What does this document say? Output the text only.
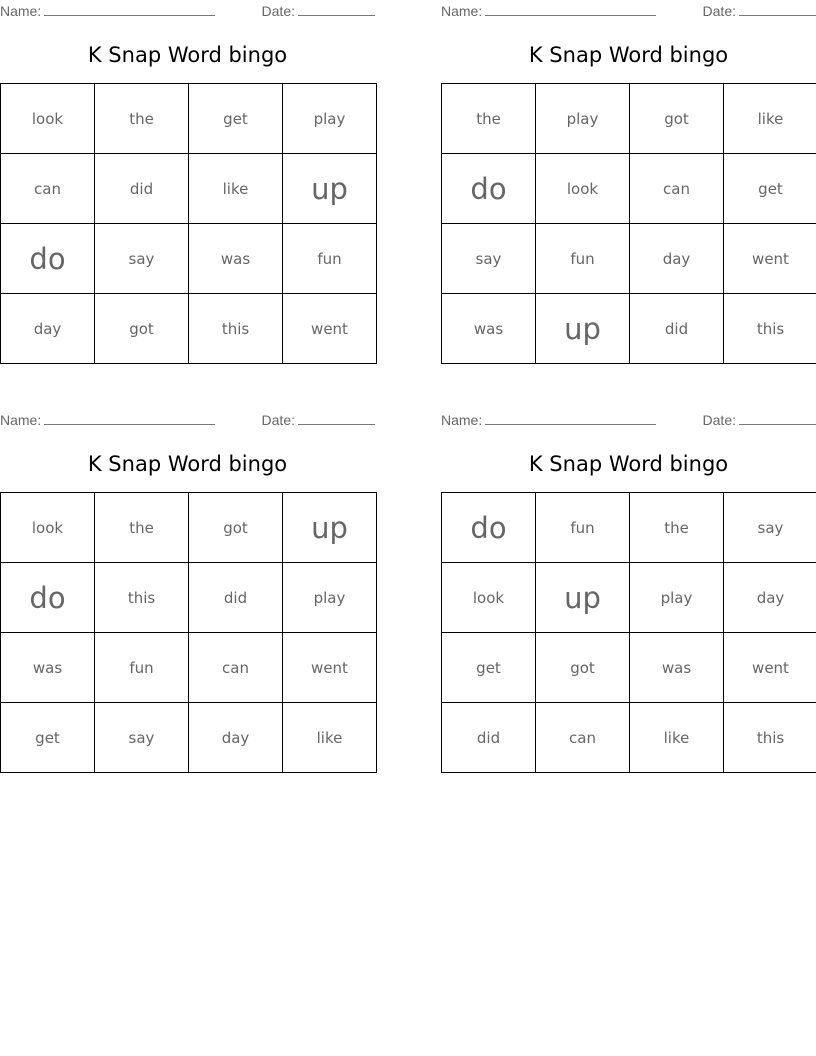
Name:	Date:
K Snap Word bingo
look	the	get	play
can	did	like	up
do	say	was	fun
day	got	this	went
Name:	Date:
K Snap Word bingo
the	play	got	like
do	look	can	get
say	fun	day	went
was	up	did	this
Name:	Date:
K Snap Word bingo
look	the	got	up
do	this	did	play
was	fun	can	went
get	say	day	like
Name:	Date:
K Snap Word bingo
do	fun	the	say
look	up	play	day
get	got	was	went
did	can	like	this
